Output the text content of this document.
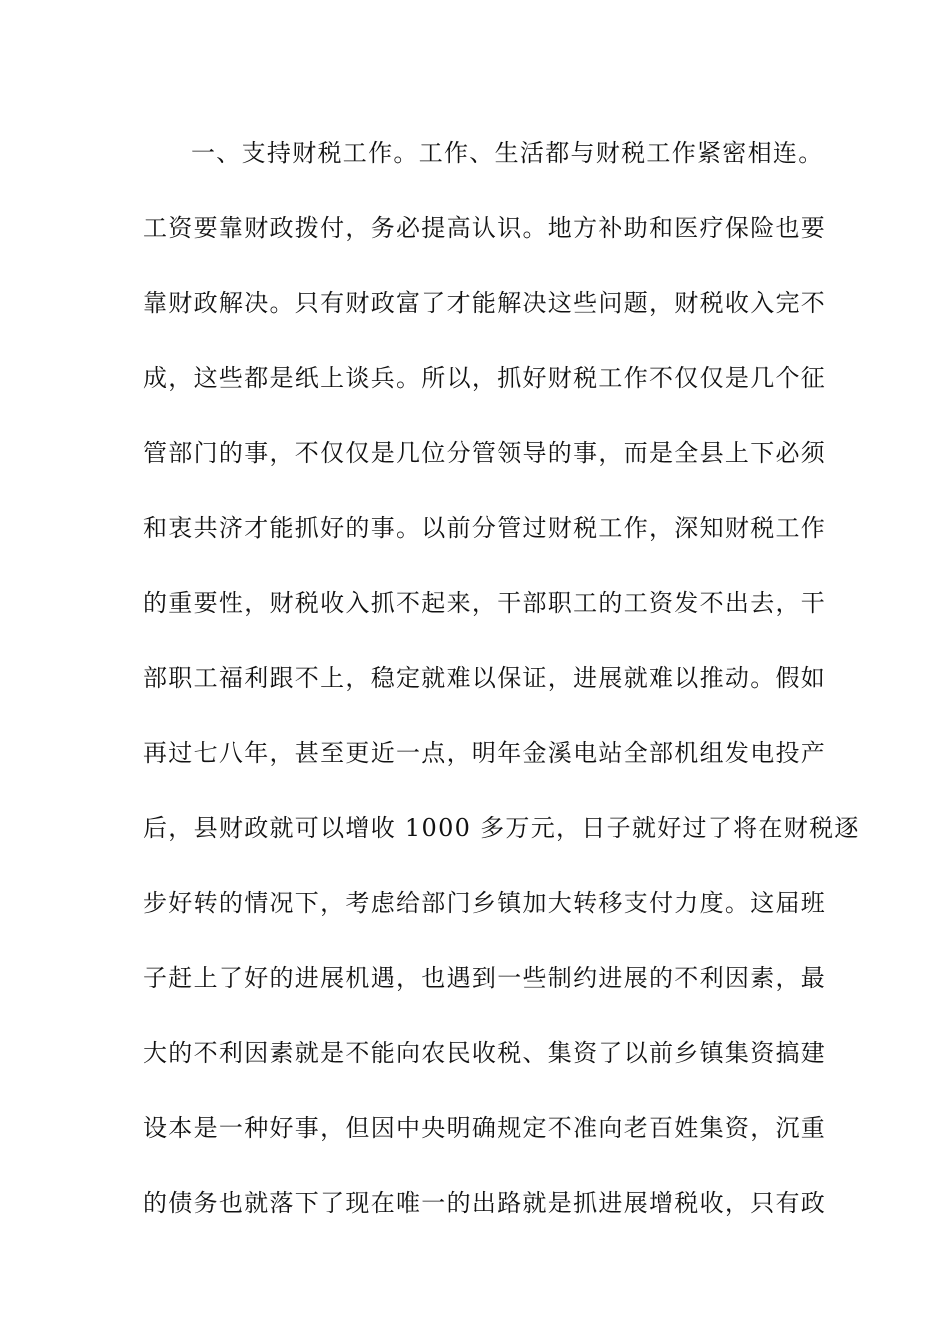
一、支持财税工作。工作、生活都与财税工作紧密相连。
工资要靠财政拨付，务必提高认识。地方补助和医疗保险也要
靠财政解决。只有财政富了才能解决这些问题，财税收入完不
成，这些都是纸上谈兵。所以，抓好财税工作不仅仅是几个征
管部门的事，不仅仅是几位分管领导的事，而是全县上下必须
和衷共济才能抓好的事。以前分管过财税工作，深知财税工作
的重要性，财税收入抓不起来，干部职工的工资发不出去，干
部职工福利跟不上，稳定就难以保证，进展就难以推动。假如
再过七八年，甚至更近一点，明年金溪电站全部机组发电投产
后，县财政就可以增收 1000 多万元，日子就好过了将在财税逐
步好转的情况下，考虑给部门乡镇加大转移支付力度。这届班
子赶上了好的进展机遇，也遇到一些制约进展的不利因素，最
大的不利因素就是不能向农民收税、集资了以前乡镇集资搞建
设本是一种好事，但因中央明确规定不准向老百姓集资，沉重
的债务也就落下了现在唯一的出路就是抓进展增税收，只有政
